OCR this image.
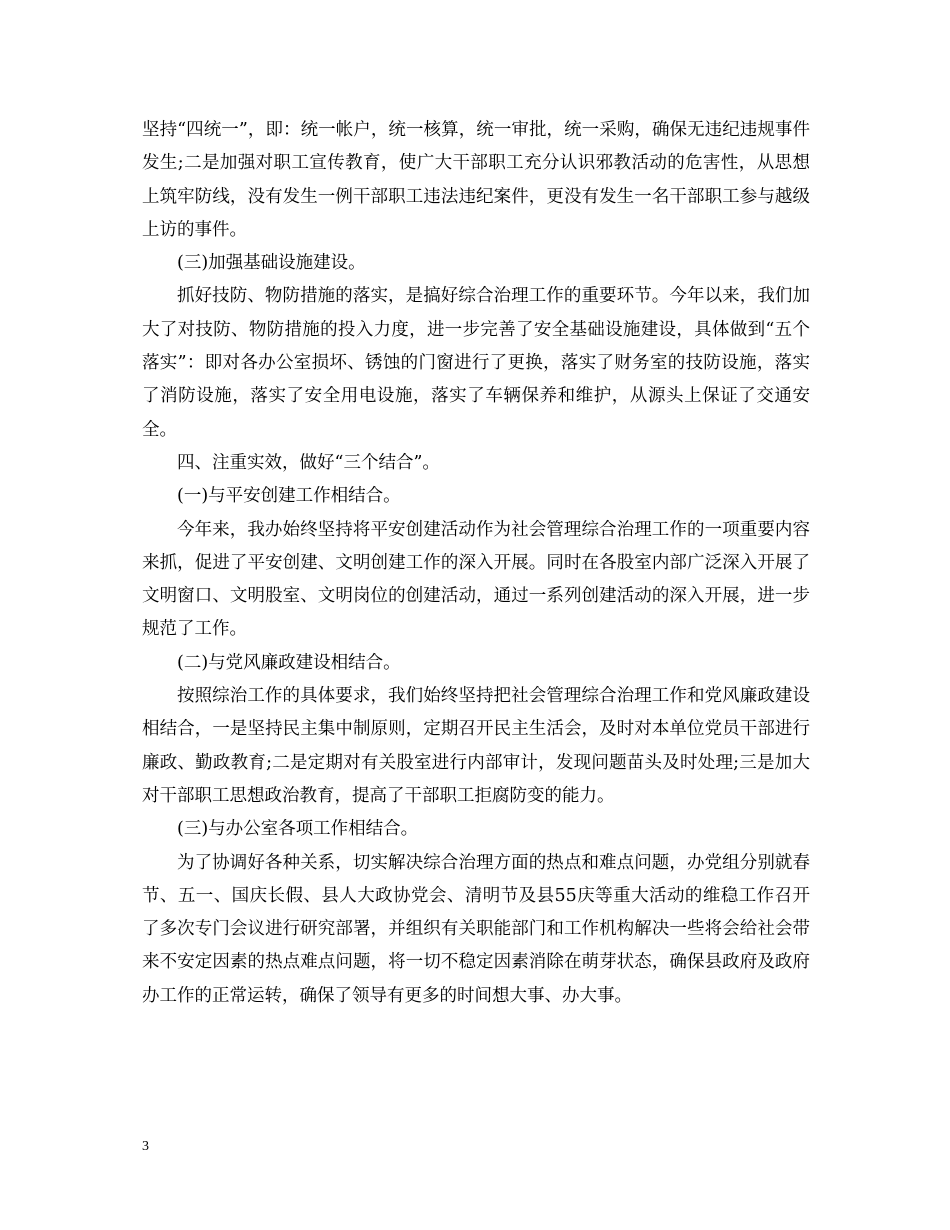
坚持“四统一”，即：统一帐户，统一核算，统一审批，统一采购，确保无违纪违规事件发生;二是加强对职工宣传教育，使广大干部职工充分认识邪教活动的危害性，从思想上筑牢防线，没有发生一例干部职工违法违纪案件，更没有发生一名干部职工参与越级上访的事件。

(三)加强基础设施建设。

抓好技防、物防措施的落实，是搞好综合治理工作的重要环节。今年以来，我们加大了对技防、物防措施的投入力度，进一步完善了安全基础设施建设，具体做到“五个落实”：即对各办公室损坏、锈蚀的门窗进行了更换，落实了财务室的技防设施，落实了消防设施，落实了安全用电设施，落实了车辆保养和维护，从源头上保证了交通安全。

四、注重实效，做好“三个结合”。

(一)与平安创建工作相结合。

今年来，我办始终坚持将平安创建活动作为社会管理综合治理工作的一项重要内容来抓，促进了平安创建、文明创建工作的深入开展。同时在各股室内部广泛深入开展了文明窗口、文明股室、文明岗位的创建活动，通过一系列创建活动的深入开展，进一步规范了工作。

(二)与党风廉政建设相结合。

按照综治工作的具体要求，我们始终坚持把社会管理综合治理工作和党风廉政建设相结合，一是坚持民主集中制原则，定期召开民主生活会，及时对本单位党员干部进行廉政、勤政教育;二是定期对有关股室进行内部审计，发现问题苗头及时处理;三是加大对干部职工思想政治教育，提高了干部职工拒腐防变的能力。

(三)与办公室各项工作相结合。

为了协调好各种关系，切实解决综合治理方面的热点和难点问题，办党组分别就春节、五一、国庆长假、县人大政协党会、清明节及县55庆等重大活动的维稳工作召开了多次专门会议进行研究部署，并组织有关职能部门和工作机构解决一些将会给社会带来不安定因素的热点难点问题，将一切不稳定因素消除在萌芽状态，确保县政府及政府办工作的正常运转，确保了领导有更多的时间想大事、办大事。

3
